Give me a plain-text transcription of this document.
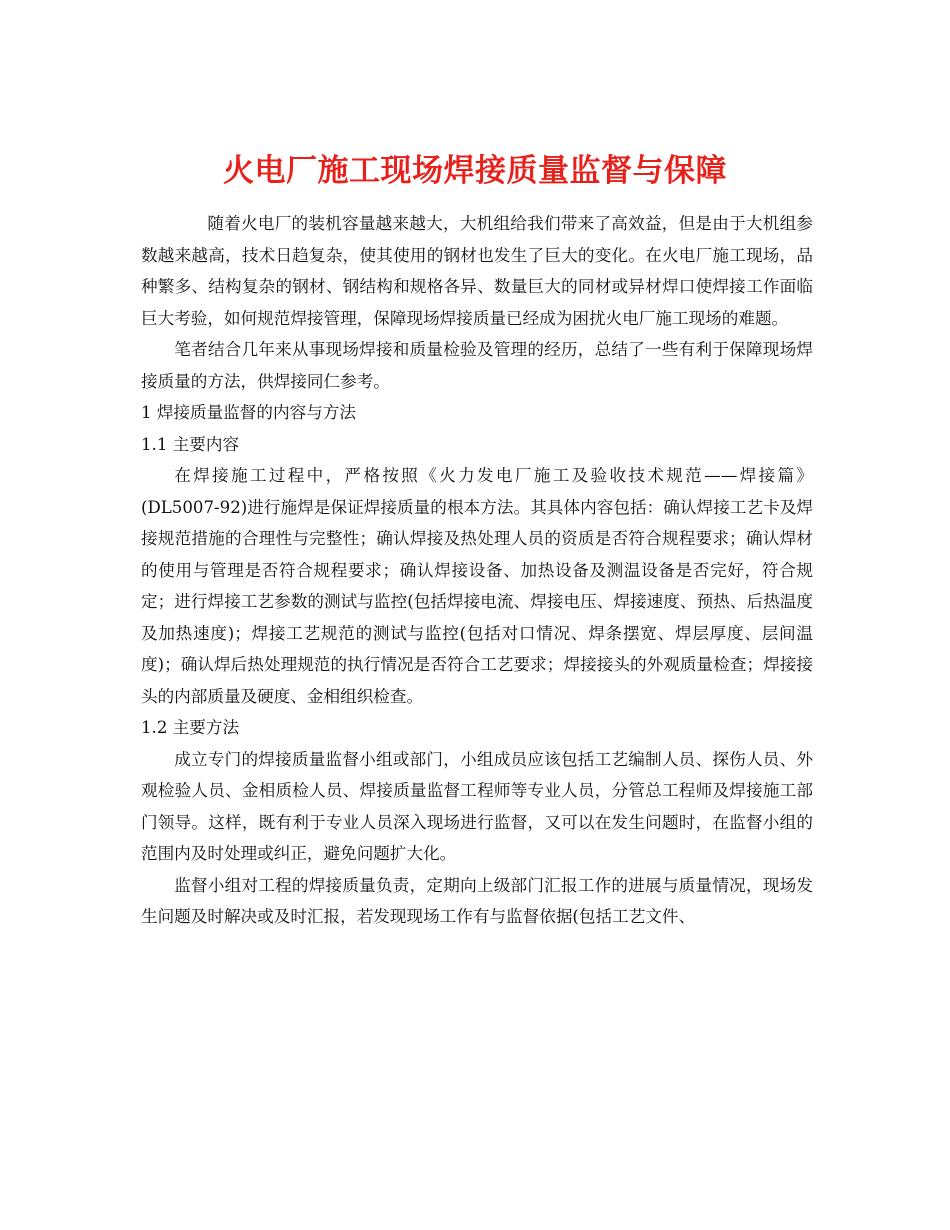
火电厂施工现场焊接质量监督与保障

随着火电厂的装机容量越来越大，大机组给我们带来了高效益，但是由于大机组参数越来越高，技术日趋复杂，使其使用的钢材也发生了巨大的变化。在火电厂施工现场，品种繁多、结构复杂的钢材、钢结构和规格各异、数量巨大的同材或异材焊口使焊接工作面临巨大考验，如何规范焊接管理，保障现场焊接质量已经成为困扰火电厂施工现场的难题。

笔者结合几年来从事现场焊接和质量检验及管理的经历，总结了一些有利于保障现场焊接质量的方法，供焊接同仁参考。

1 焊接质量监督的内容与方法

1.1 主要内容

在焊接施工过程中，严格按照《火力发电厂施工及验收技术规范——焊接篇》(DL5007-92)进行施焊是保证焊接质量的根本方法。其具体内容包括：确认焊接工艺卡及焊接规范措施的合理性与完整性；确认焊接及热处理人员的资质是否符合规程要求；确认焊材的使用与管理是否符合规程要求；确认焊接设备、加热设备及测温设备是否完好，符合规定；进行焊接工艺参数的测试与监控(包括焊接电流、焊接电压、焊接速度、预热、后热温度及加热速度)；焊接工艺规范的测试与监控(包括对口情况、焊条摆宽、焊层厚度、层间温度)；确认焊后热处理规范的执行情况是否符合工艺要求；焊接接头的外观质量检查；焊接接头的内部质量及硬度、金相组织检查。

1.2 主要方法

成立专门的焊接质量监督小组或部门，小组成员应该包括工艺编制人员、探伤人员、外观检验人员、金相质检人员、焊接质量监督工程师等专业人员，分管总工程师及焊接施工部门领导。这样，既有利于专业人员深入现场进行监督，又可以在发生问题时，在监督小组的范围内及时处理或纠正，避免问题扩大化。

监督小组对工程的焊接质量负责，定期向上级部门汇报工作的进展与质量情况，现场发生问题及时解决或及时汇报，若发现现场工作有与监督依据(包括工艺文件、
